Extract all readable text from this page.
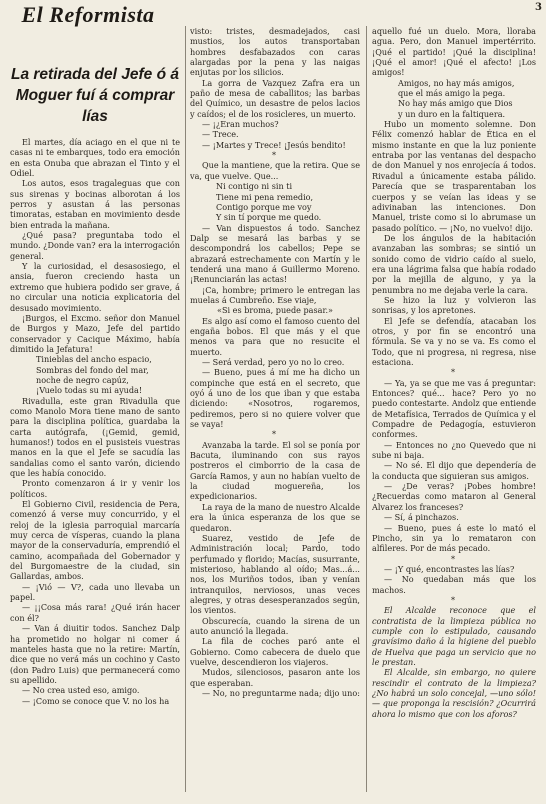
El Reformista	3
La retirada del Jefe ó á Moguer fuí á comprar lías

El martes, día aciago en el que ni te casas ni te embarques, todo era emoción en esta Onuba que abrazan el Tinto y el Odiel.

Los autos, esos tragaleguas que con sus sirenas y bocinas alborotan á los perros y asustan á las personas timoratas, estaban en movimiento desde bien entrada la mañana.

¿Qué pasa? preguntaba todo el mundo. ¿Donde van? era la interrogación general.

Y la curiosidad, el desasosiego, el ansia, fueron creciendo hasta un extremo que hubiera podido ser grave, á no circular una noticia explicatoria del desusado movimiento.

¡Burgos, el Excmo. señor don Manuel de Burgos y Mazo, Jefe del partido conservador y Cacique Máximo, había dimitido la Jefatura!

Tinieblas del ancho espacio,

Sombras del fondo del mar,

noche de negro capúz,

¡Vuelo todas su mi ayuda!

Rivadulla, este gran Rivadulla que como Manolo Mora tiene mano de santo para la disciplina política, guardaba la carta autógrafa, (¡Gemid, gemid, humanos!) todos en el pusisteis vuestras manos en la que el Jefe se sacudía las sandalias como el santo varón, diciendo que les había conocido.

Pronto comenzaron á ir y venir los políticos.

El Gobierno Civil, residencia de Pera, comenzó á verse muy concurrido, y el reloj de la iglesia parroquial marcaría muy cerca de vísperas, cuando la plana mayor de la conservaduría, emprendió el camino, acompañada del Gobernador y del Burgomaestre de la ciudad, sin Gallardas, ambos.

— ¡Vió — V?, cada uno llevaba un papel.

— ¡¡Cosa más rara! ¿Qué irán hacer con él?

— Van á diuitir todos. Sanchez Dalp ha prometido no holgar ni comer á manteles hasta que no la retire: Martín, dice que no verá más un cochino y Casto (don Padro Luis) que permanecerá como su apellido.

— No crea usted eso, amigo.

— ¡Como se conoce que V. no los ha

visto: tristes, desmadejados, casi mustios, los autos transportaban hombres desfabazados con caras alargadas por la pena y las naigas enjutas por los silicios.

La gorra de Vazquez Zafra era un paño de mesa de caballitos; las barbas del Químico, un desastre de pelos lacios y caídos; el de los rosicleres, un muerto.

— ¡¿Eran muchos?

— Trece.

— ¡Martes y Trece! ¡Jesús bendito!

*

Que la mantiene, que la retira. Que se va, que vuelve. Que...

Ni contigo ni sin ti

Tiene mi pena remedio,

Contigo porque me voy

Y sin tí porque me quedo.

— Van dispuestos á todo. Sanchez Dalp se mesará las barbas y se descompondrá los cabellos; Pepe se abrazará estrechamente con Martín y le tenderá una mano á Guillermo Moreno. ¡Renunciarán las actas!

¡Ca, hombre; primero le entregan las muelas á Cumbreño. Ese viaje,

«Si es broma, puede pasar.»

Es algo así como el famoso cuento del engaña bobos. El que más y el que menos va para que no resucite el muerto.

— Será verdad, pero yo no lo creo.

— Bueno, pues á mí me ha dicho un compinche que está en el secreto, que oyó á uno de los que iban y que estaba diciendo: «Nosotros, rogaremos, pediremos, pero si no quiere volver que se vaya!

*

Avanzaba la tarde. El sol se ponía por Bacuta, iluminando con sus rayos postreros el cimborrio de la casa de García Ramos, y aun no habían vuelto de la ciudad moguereña, los expedicionarios.

La raya de la mano de nuestro Alcalde era la única esperanza de los que se quedaron.

Suarez, vestido de Jefe de Administración local; Pardo, todo perfumado y florido; Macías, susurrante, misterioso, hablando al oído; Mas...á... nos, los Muriños todos, iban y venían intranquilos, nerviosos, unas veces alegres, y otras desesperanzados según, los vientos.

Obscurecía, cuando la sirena de un auto anunció la llegada.

La fila de coches paró ante el Gobierno. Como cabecera de duelo que vuelve, descendieron los viajeros.

Mudos, silenciosos, pasaron ante los que esperaban.

— No, no preguntarme nada; dijo uno:

aquello fué un duelo. Mora, lloraba agua. Pero, don Manuel impertérrito. ¡Qué el partido! ¡Qué la disciplina! ¡Qué el amor! ¡Qué el afecto! ¡Los amigos!

Amigos, no hay más amigos,

que el más amigo la pega.

No hay más amigo que Dios

y un duro en la faltiquera.

Hubo un momento solemne. Don Félix comenzó hablar de Ética en el mismo instante en que la luz poniente entraba por las ventanas del despacho de don Manuel y nos enrojecía á todos. Rivadul a únicamente estaba pálido. Parecía que se trasparentaban los cuerpos y se veían las ideas y se adivinaban las intenciones. Don Manuel, triste como si lo abrumase un pasado político. — ¡No, no vuelvo! dijo.

De los ángulos de la habitación avanzaban las sombras; se sintió un sonido como de vidrio caído al suelo, era una lágrima falsa que había rodado por la mejilla de alguno, y ya la penumbra no me dejaba verle la cara.

Se hizo la luz y volvieron las sonrisas, y los apretones.

El Jefe se defendía, atacaban los otros, y por fin se encontró una fórmula. Se va y no se va. Es como el Todo, que ni progresa, ni regresa, nise estaciona.

*

— Ya, ya se que me vas á preguntar: Entonces? qué... hace? Pero yo no puedo contestarte. Andolz que entiende de Metafísica, Terrados de Química y el Compadre de Pedagogía, estuvieron conformes.

— Entonces no ¿no Quevedo que ni sube ni baja.

— No sé. El dijo que dependería de la conducta que siguieran sus amigos.

— ¿De veras? ¡Pobes hombre! ¿Recuerdas como mataron al General Alvarez los franceses?

— Sí, á pinchazos.

— Bueno, pues á este lo mató el Pincho, sin ya lo remataron con alfileres. Por de más pecado.

*

— ¡Y qué, encontrastes las lías?

— No quedaban más que los machos.

*

El Alcalde reconoce que el contratista de la limpieza pública no cumple con lo estipulado, causando gravísimo daño á la higiene del pueblo de Huelva que paga un servicio que no le prestan.

El Alcalde, sin embargo, no quiere rescindir el contrato de la limpieza? ¿No habrá un solo concejal, —uno sólo!— que proponga la rescisión? ¿Ocurrirá ahora lo mismo que con los aforos?
